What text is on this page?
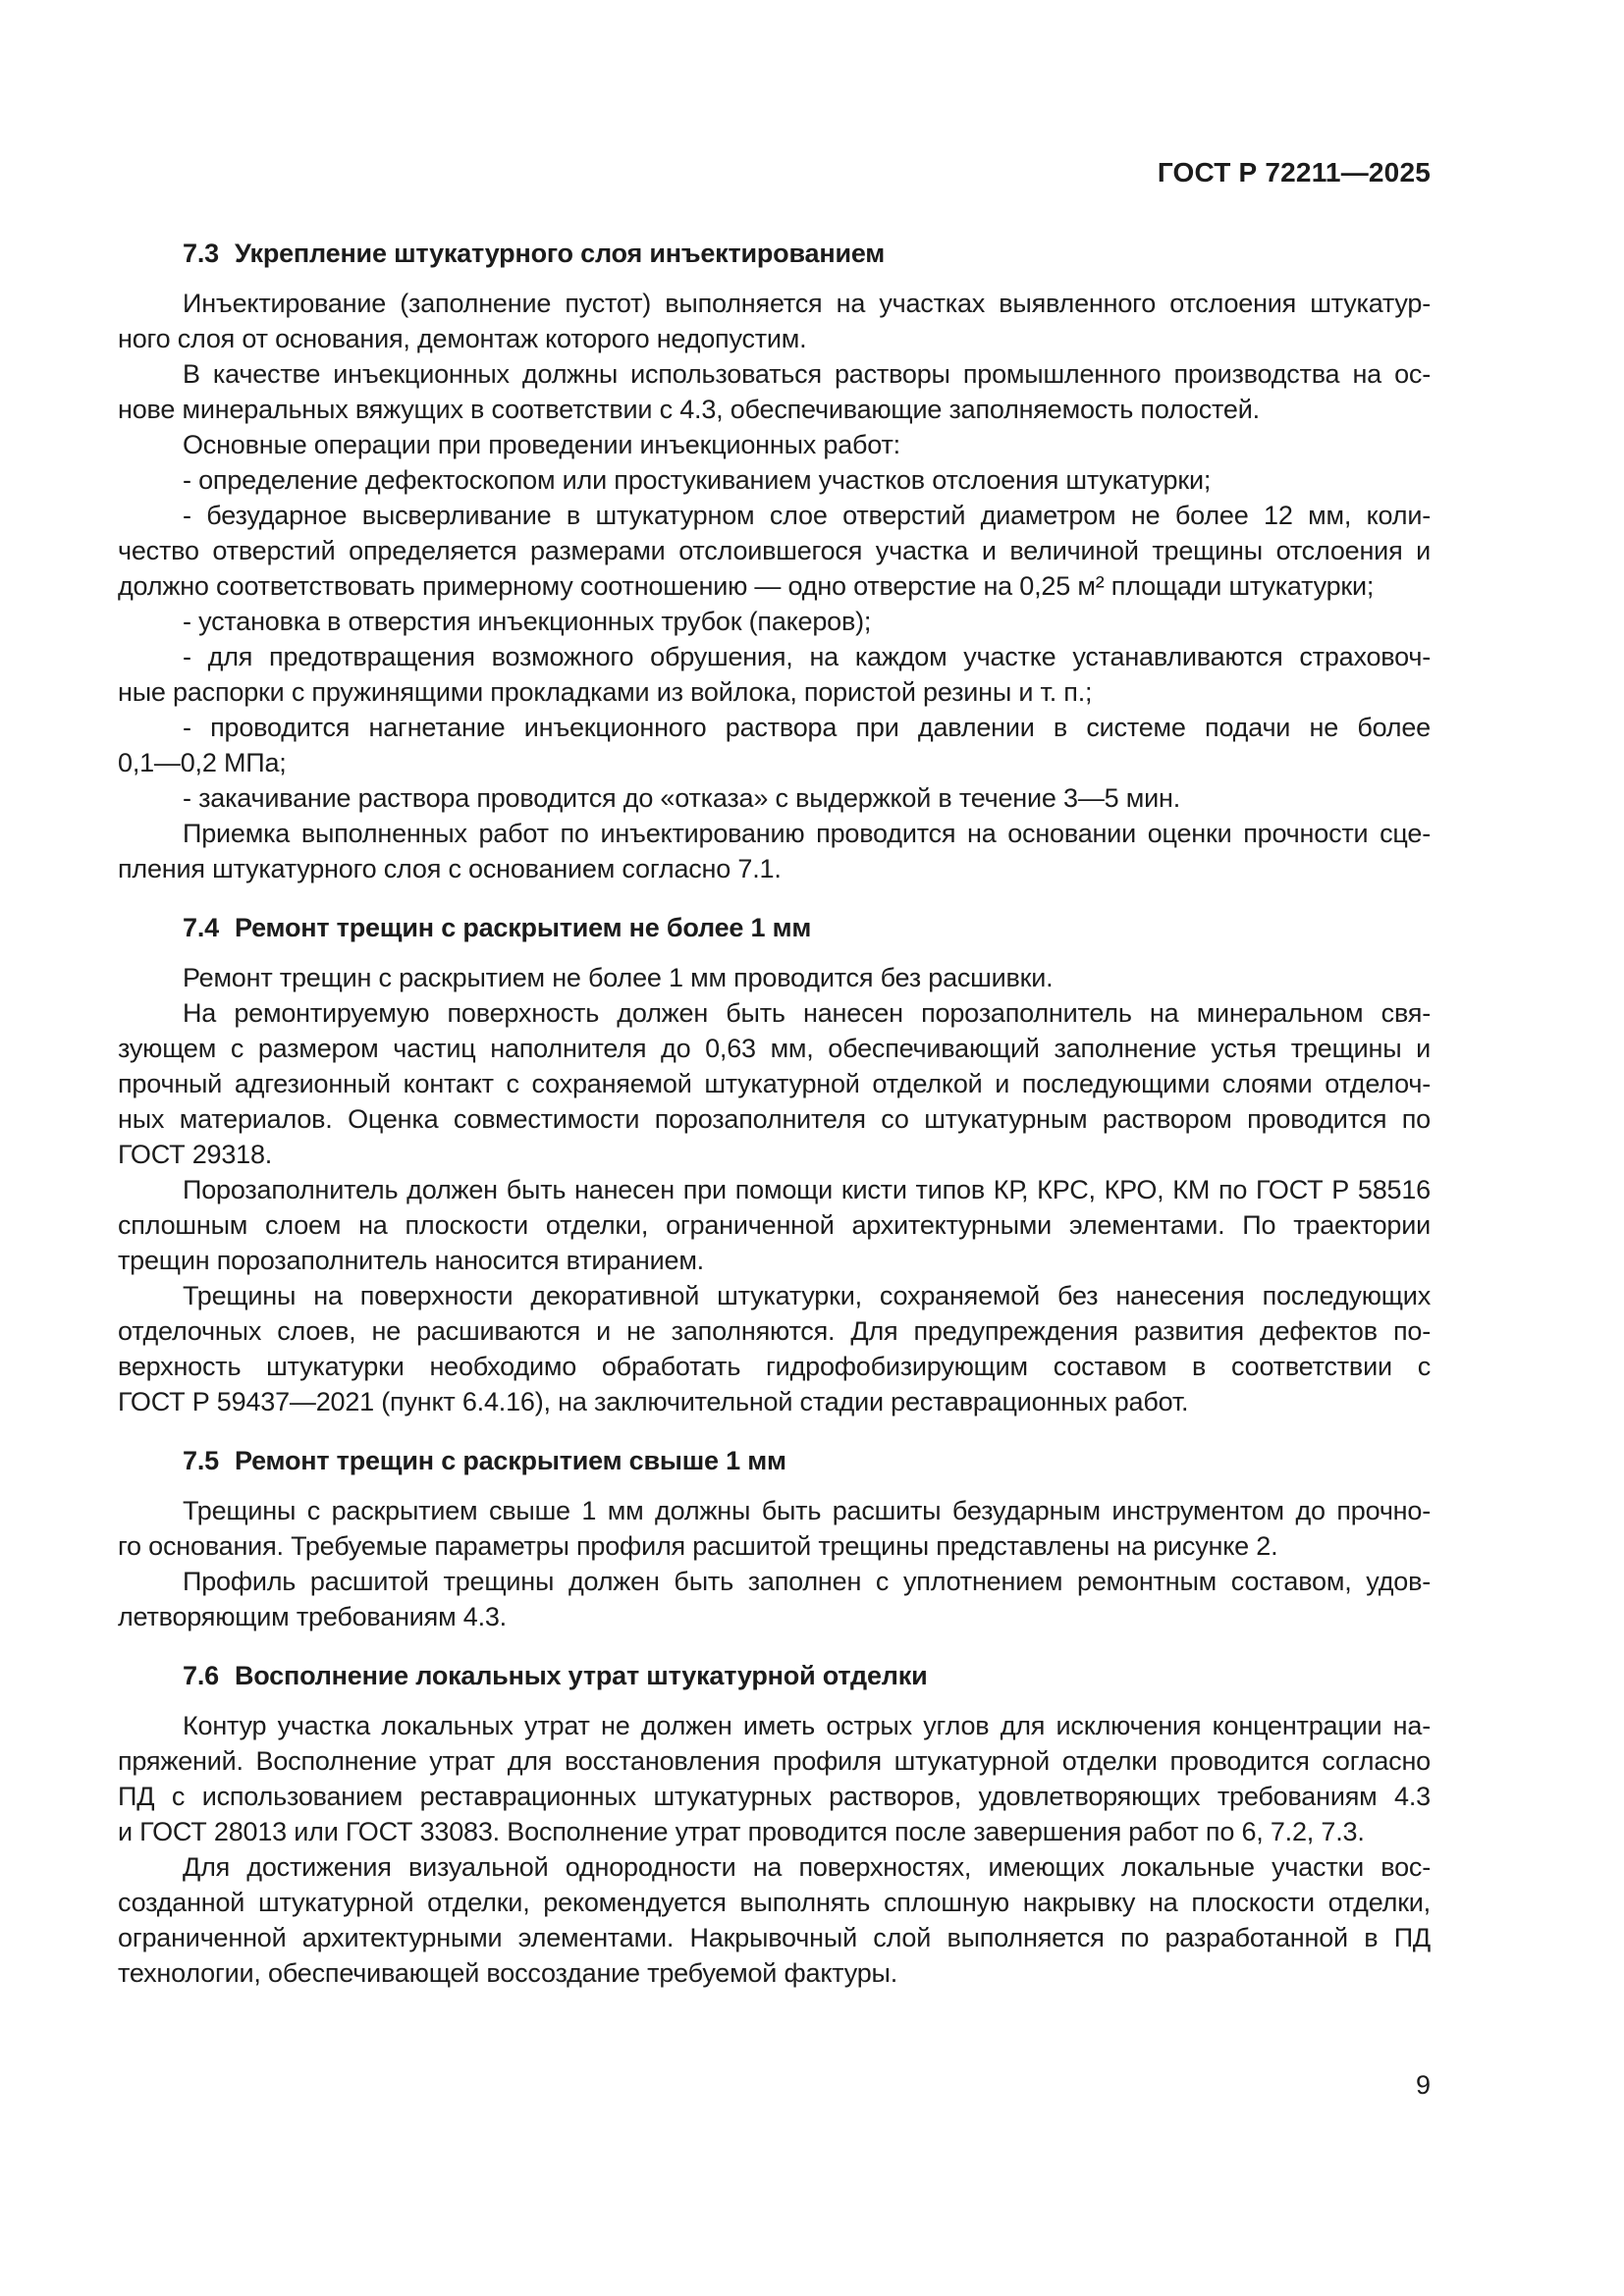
ГОСТ Р 72211—2025
7.3 Укрепление штукатурного слоя инъектированием
Инъектирование (заполнение пустот) выполняется на участках выявленного отслоения штукатур-
ного слоя от основания, демонтаж которого недопустим.
В качестве инъекционных должны использоваться растворы промышленного производства на ос-
нове минеральных вяжущих в соответствии с 4.3, обеспечивающие заполняемость полостей.
Основные операции при проведении инъекционных работ:
- определение дефектоскопом или простукиванием участков отслоения штукатурки;
- безударное высверливание в штукатурном слое отверстий диаметром не более 12 мм, коли-
чество отверстий определяется размерами отслоившегося участка и величиной трещины отслоения и
должно соответствовать примерному соотношению — одно отверстие на 0,25 м² площади штукатурки;
- установка в отверстия инъекционных трубок (пакеров);
- для предотвращения возможного обрушения, на каждом участке устанавливаются страховоч-
ные распорки с пружинящими прокладками из войлока, пористой резины и т. п.;
- проводится нагнетание инъекционного раствора при давлении в системе подачи не более
0,1—0,2 МПа;
- закачивание раствора проводится до «отказа» с выдержкой в течение 3—5 мин.
Приемка выполненных работ по инъектированию проводится на основании оценки прочности сце-
пления штукатурного слоя с основанием согласно 7.1.
7.4 Ремонт трещин с раскрытием не более 1 мм
Ремонт трещин с раскрытием не более 1 мм проводится без расшивки.
На ремонтируемую поверхность должен быть нанесен порозаполнитель на минеральном свя-
зующем с размером частиц наполнителя до 0,63 мм, обеспечивающий заполнение устья трещины и
прочный адгезионный контакт с сохраняемой штукатурной отделкой и последующими слоями отделоч-
ных материалов. Оценка совместимости порозаполнителя со штукатурным раствором проводится по
ГОСТ 29318.
Порозаполнитель должен быть нанесен при помощи кисти типов КР, КРС, КРО, КМ по ГОСТ Р 58516
сплошным слоем на плоскости отделки, ограниченной архитектурными элементами. По траектории
трещин порозаполнитель наносится втиранием.
Трещины на поверхности декоративной штукатурки, сохраняемой без нанесения последующих
отделочных слоев, не расшиваются и не заполняются. Для предупреждения развития дефектов по-
верхность штукатурки необходимо обработать гидрофобизирующим составом в соответствии с
ГОСТ Р 59437—2021 (пункт 6.4.16), на заключительной стадии реставрационных работ.
7.5 Ремонт трещин с раскрытием свыше 1 мм
Трещины с раскрытием свыше 1 мм должны быть расшиты безударным инструментом до прочно-
го основания. Требуемые параметры профиля расшитой трещины представлены на рисунке 2.
Профиль расшитой трещины должен быть заполнен с уплотнением ремонтным составом, удов-
летворяющим требованиям 4.3.
7.6 Восполнение локальных утрат штукатурной отделки
Контур участка локальных утрат не должен иметь острых углов для исключения концентрации на-
пряжений. Восполнение утрат для восстановления профиля штукатурной отделки проводится согласно
ПД с использованием реставрационных штукатурных растворов, удовлетворяющих требованиям 4.3
и ГОСТ 28013 или ГОСТ 33083. Восполнение утрат проводится после завершения работ по 6, 7.2, 7.3.
Для достижения визуальной однородности на поверхностях, имеющих локальные участки вос-
созданной штукатурной отделки, рекомендуется выполнять сплошную накрывку на плоскости отделки,
ограниченной архитектурными элементами. Накрывочный слой выполняется по разработанной в ПД
технологии, обеспечивающей воссоздание требуемой фактуры.
9
